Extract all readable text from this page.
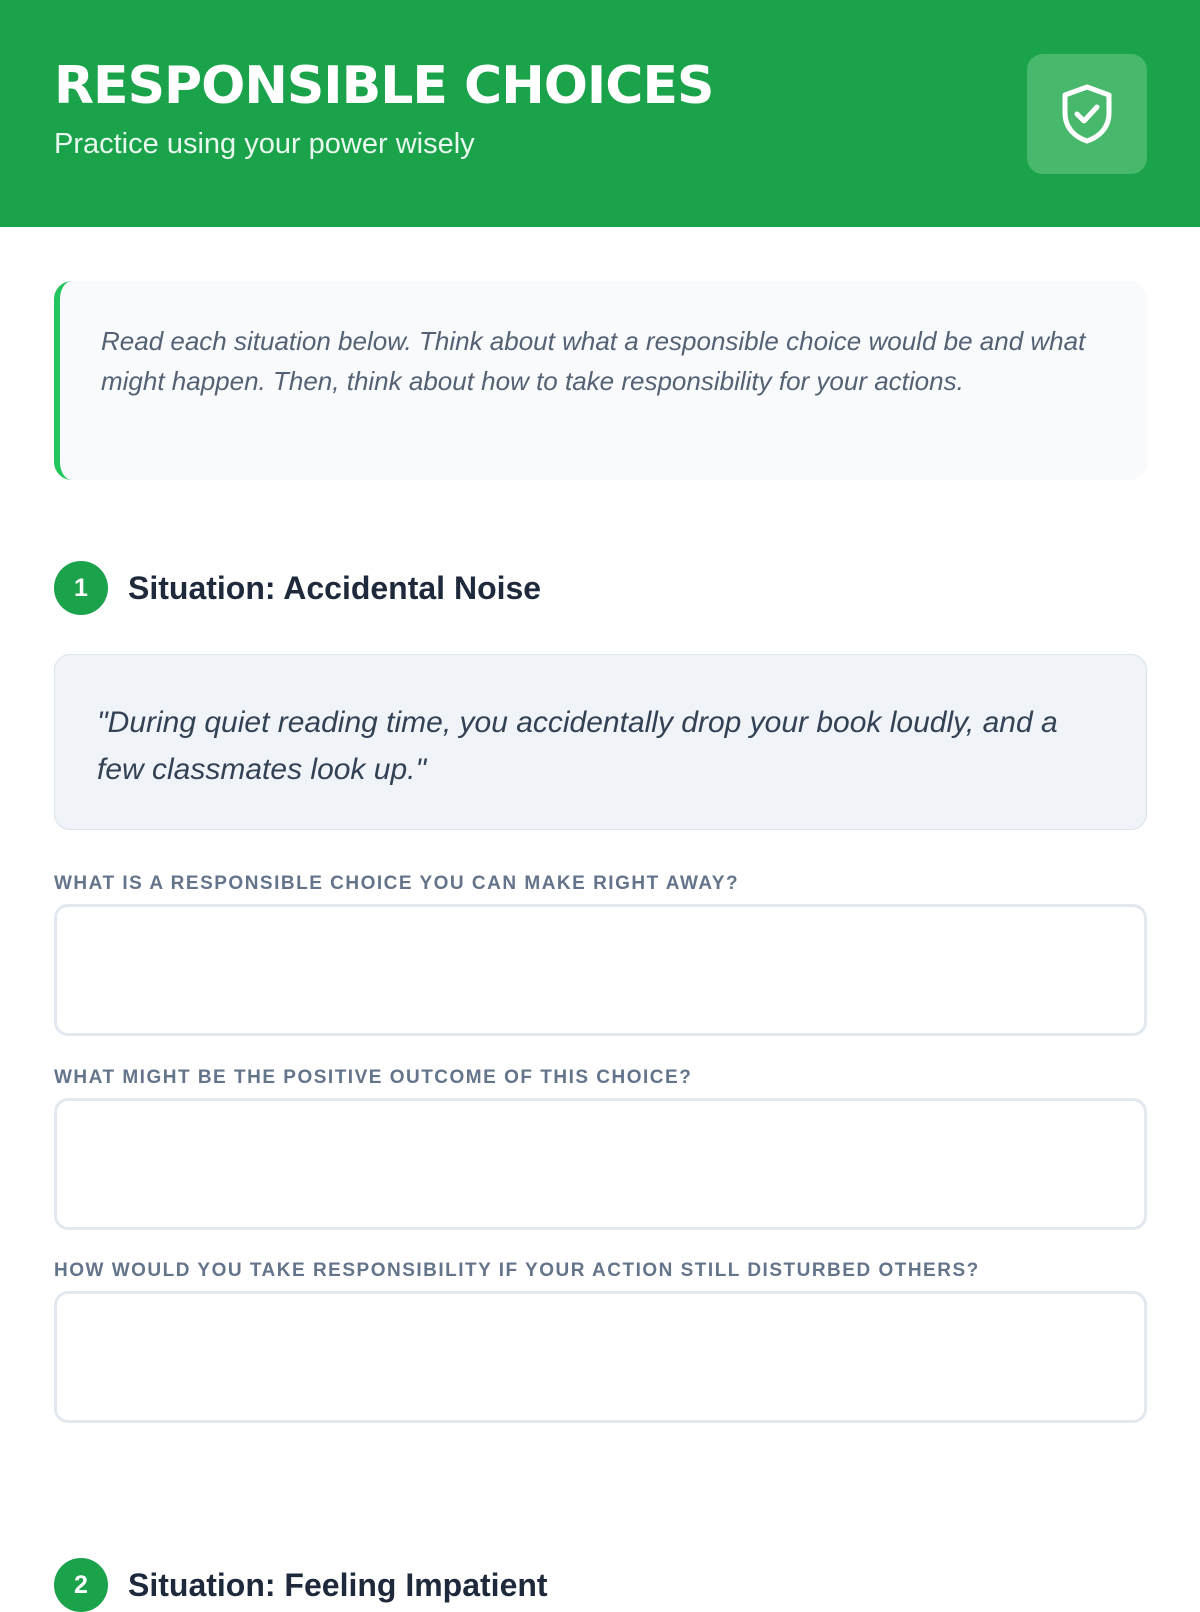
RESPONSIBLE CHOICES
Practice using your power wisely
Read each situation below. Think about what a responsible choice would be and what might happen. Then, think about how to take responsibility for your actions.
1	Situation: Accidental Noise
"During quiet reading time, you accidentally drop your book loudly, and a few classmates look up."
WHAT IS A RESPONSIBLE CHOICE YOU CAN MAKE RIGHT AWAY?
WHAT MIGHT BE THE POSITIVE OUTCOME OF THIS CHOICE?
HOW WOULD YOU TAKE RESPONSIBILITY IF YOUR ACTION STILL DISTURBED OTHERS?
2	Situation: Feeling Impatient
